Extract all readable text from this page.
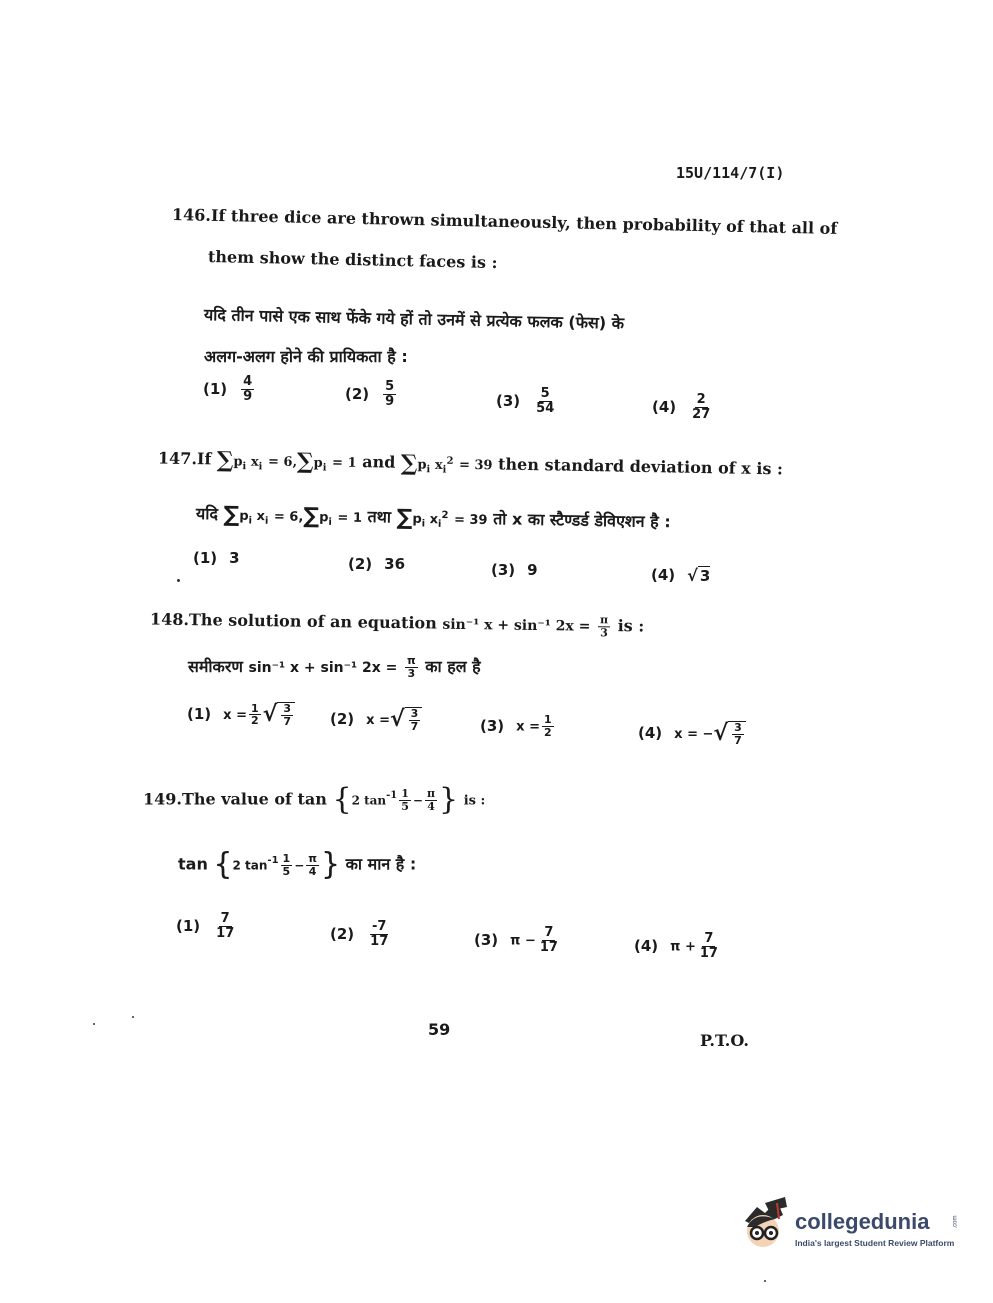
15U/114/7(I)
146.If three dice are thrown simultaneously, then probability of that all of
them show the distinct faces is :
यदि तीन पासे एक साथ फेंके गये हों तो उनमें से प्रत्येक फलक (फेस) के
अलग-अलग होने की प्रायिकता है :
$(1) \frac{4}{9}$	$(2) \frac{5}{9}$	$(3) \frac{5}{54}$	$(4) \frac{2}{27}$
147.If $\sum p_i$ $x_i = 6,\sum p_i = 1$ and $\sum p_i$ $x_i^2 = 39$ then standard deviation of x is :
यदि $\sum p_i$ $x_i = 6,\sum p_i = 1$ तथा $\sum p_i$ $x_i^2 = 39$ तो x का स्टैण्डर्ड डेविएशन है :
(1) 3	(2) 36	(3) 9	(4) √ 3
148.The solution of an equation sin⁻¹ x + sin⁻¹ $2x = \frac{\pi}{3}$ is :
समीकरण sin⁻¹ x + sin⁻¹ $2x = \frac{\pi}{3}$ का हल है
(1) $x = \frac{1}{2}$ √ $\frac{3}{7} (2) x$ = √ $\frac{3}{7}$	(3) $x = \frac{1}{2}$	(4) x = − √ $\frac{3}{7}$
149.The value of tan {2 $\tan^{-1} \frac{1}{5} - \frac{\pi}{4}$ } is :
tan {2 $\tan^{-1} \frac{1}{5} - \frac{\pi}{4}$ } का मान है :
$(1) \frac{7}{17}$	$(2) \frac{-7}{17}$	(3) $\pi - \frac{7}{17}$	(4) $\pi + \frac{7}{17}$
59
P.T.O.
collegedunia	.com
India's largest Student Review Platform
